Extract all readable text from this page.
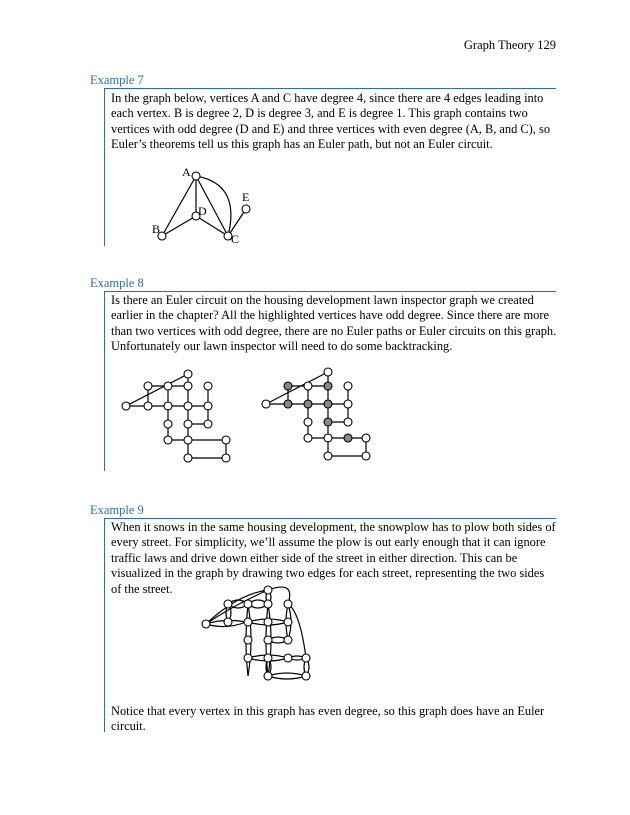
Graph Theory 129
Example 7

In the graph below, vertices A and C have degree 4, since there are 4 edges leading into each vertex. B is degree 2, D is degree 3, and E is degree 1. This graph contains two vertices with odd degree (D and E) and three vertices with even degree (A, B, and C), so Euler’s theorems tell us this graph has an Euler path, but not an Euler circuit.

A
B
D
C
E
Example 8

Is there an Euler circuit on the housing development lawn inspector graph we created earlier in the chapter? All the highlighted vertices have odd degree. Since there are more than two vertices with odd degree, there are no Euler paths or Euler circuits on this graph. Unfortunately our lawn inspector will need to do some backtracking.

Example 9

When it snows in the same housing development, the snowplow has to plow both sides of every street. For simplicity, we’ll assume the plow is out early enough that it can ignore traffic laws and drive down either side of the street in either direction. This can be visualized in the graph by drawing two edges for each street, representing the two sides of the street.

Notice that every vertex in this graph has even degree, so this graph does have an Euler circuit.
